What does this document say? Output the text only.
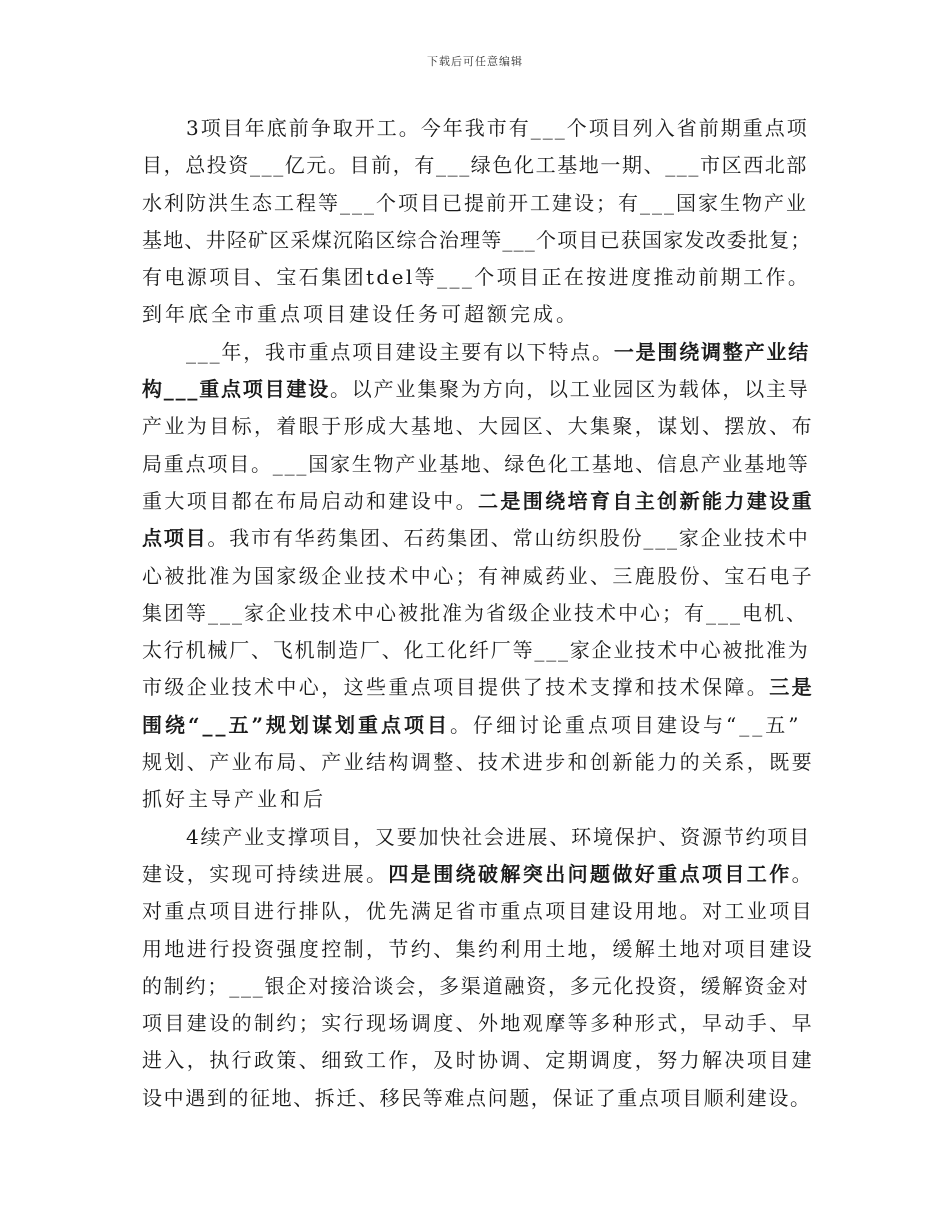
下载后可任意编辑
3项目年底前争取开工。今年我市有___个项目列入省前期重点项
目，总投资___亿元。目前，有___绿色化工基地一期、___市区西北部
水利防洪生态工程等___个项目已提前开工建设；有___国家生物产业
基地、井陉矿区采煤沉陷区综合治理等___个项目已获国家发改委批复；
有电源项目、宝石集团tdel等___个项目正在按进度推动前期工作。
到年底全市重点项目建设任务可超额完成。
___年，我市重点项目建设主要有以下特点。一是围绕调整产业结
构___重点项目建设。以产业集聚为方向，以工业园区为载体，以主导
产业为目标，着眼于形成大基地、大园区、大集聚，谋划、摆放、布
局重点项目。___国家生物产业基地、绿色化工基地、信息产业基地等
重大项目都在布局启动和建设中。二是围绕培育自主创新能力建设重
点项目。我市有华药集团、石药集团、常山纺织股份___家企业技术中
心被批准为国家级企业技术中心；有神威药业、三鹿股份、宝石电子
集团等___家企业技术中心被批准为省级企业技术中心；有___电机、
太行机械厂、飞机制造厂、化工化纤厂等___家企业技术中心被批准为
市级企业技术中心，这些重点项目提供了技术支撑和技术保障。三是
围绕“__五”规划谋划重点项目。仔细讨论重点项目建设与“__五”
规划、产业布局、产业结构调整、技术进步和创新能力的关系，既要
抓好主导产业和后
4续产业支撑项目，又要加快社会进展、环境保护、资源节约项目
建设，实现可持续进展。四是围绕破解突出问题做好重点项目工作。
对重点项目进行排队，优先满足省市重点项目建设用地。对工业项目
用地进行投资强度控制，节约、集约利用土地，缓解土地对项目建设
的制约；___银企对接洽谈会，多渠道融资，多元化投资，缓解资金对
项目建设的制约；实行现场调度、外地观摩等多种形式，早动手、早
进入，执行政策、细致工作，及时协调、定期调度，努力解决项目建
设中遇到的征地、拆迁、移民等难点问题，保证了重点项目顺利建设。
